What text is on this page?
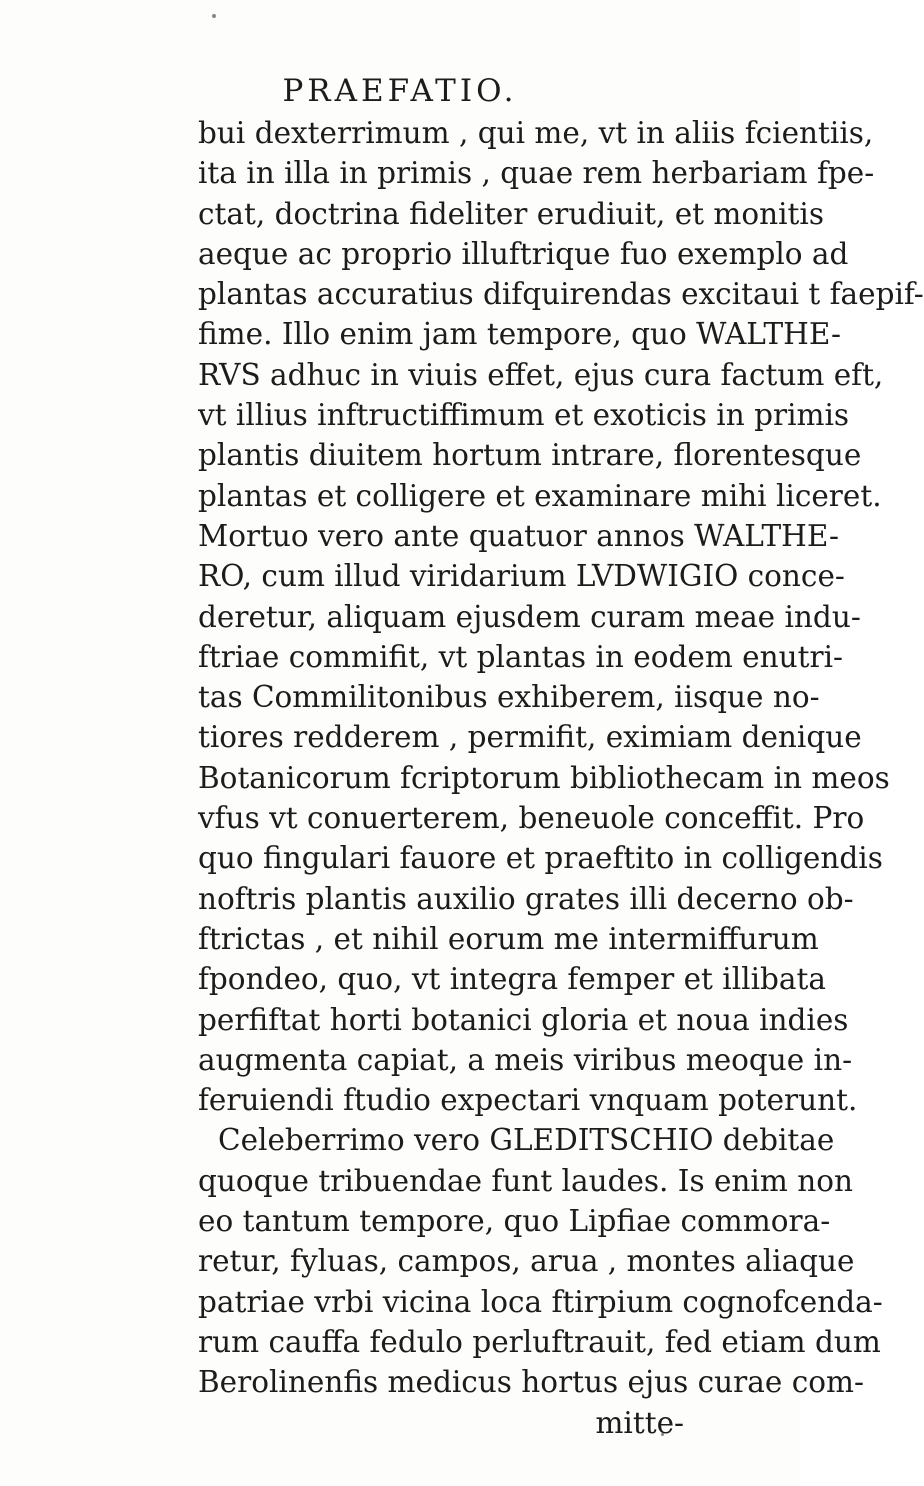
PRAEFATIO.
bui dexterrimum , qui me, vt in aliis fcientiis,
ita in illa in primis , quae rem herbariam fpe-
ctat, doctrina fideliter erudiuit, et monitis
aeque ac proprio illuftrique fuo exemplo ad
plantas accuratius difquirendas excitaui t faepif-
fime. Illo enim jam tempore, quo WALTHE-
RVS adhuc in viuis effet, ejus cura factum eft,
vt illius inftructiffimum et exoticis in primis
plantis diuitem hortum intrare, florentesque
plantas et colligere et examinare mihi liceret.
Mortuo vero ante quatuor annos WALTHE-
RO, cum illud viridarium LVDWIGIO conce-
deretur, aliquam ejusdem curam meae indu-
ftriae commifit, vt plantas in eodem enutri-
tas Commilitonibus exhiberem, iisque no-
tiores redderem , permifit, eximiam denique
Botanicorum fcriptorum bibliothecam in meos
vfus vt conuerterem, beneuole conceffit. Pro
quo fingulari fauore et praeftito in colligendis
noftris plantis auxilio grates illi decerno ob-
ftrictas , et nihil eorum me intermiffurum
fpondeo, quo, vt integra femper et illibata
perfiftat horti botanici gloria et noua indies
augmenta capiat, a meis viribus meoque in-
feruiendi ftudio expectari vnquam poterunt.
Celeberrimo vero GLEDITSCHIO debitae
quoque tribuendae funt laudes. Is enim non
eo tantum tempore, quo Lipfiae commora-
retur, fyluas, campos, arua , montes aliaque
patriae vrbi vicina loca ftirpium cognofcenda-
rum cauffa fedulo perluftrauit, fed etiam dum
Berolinenfis medicus hortus ejus curae com-
mitte-
